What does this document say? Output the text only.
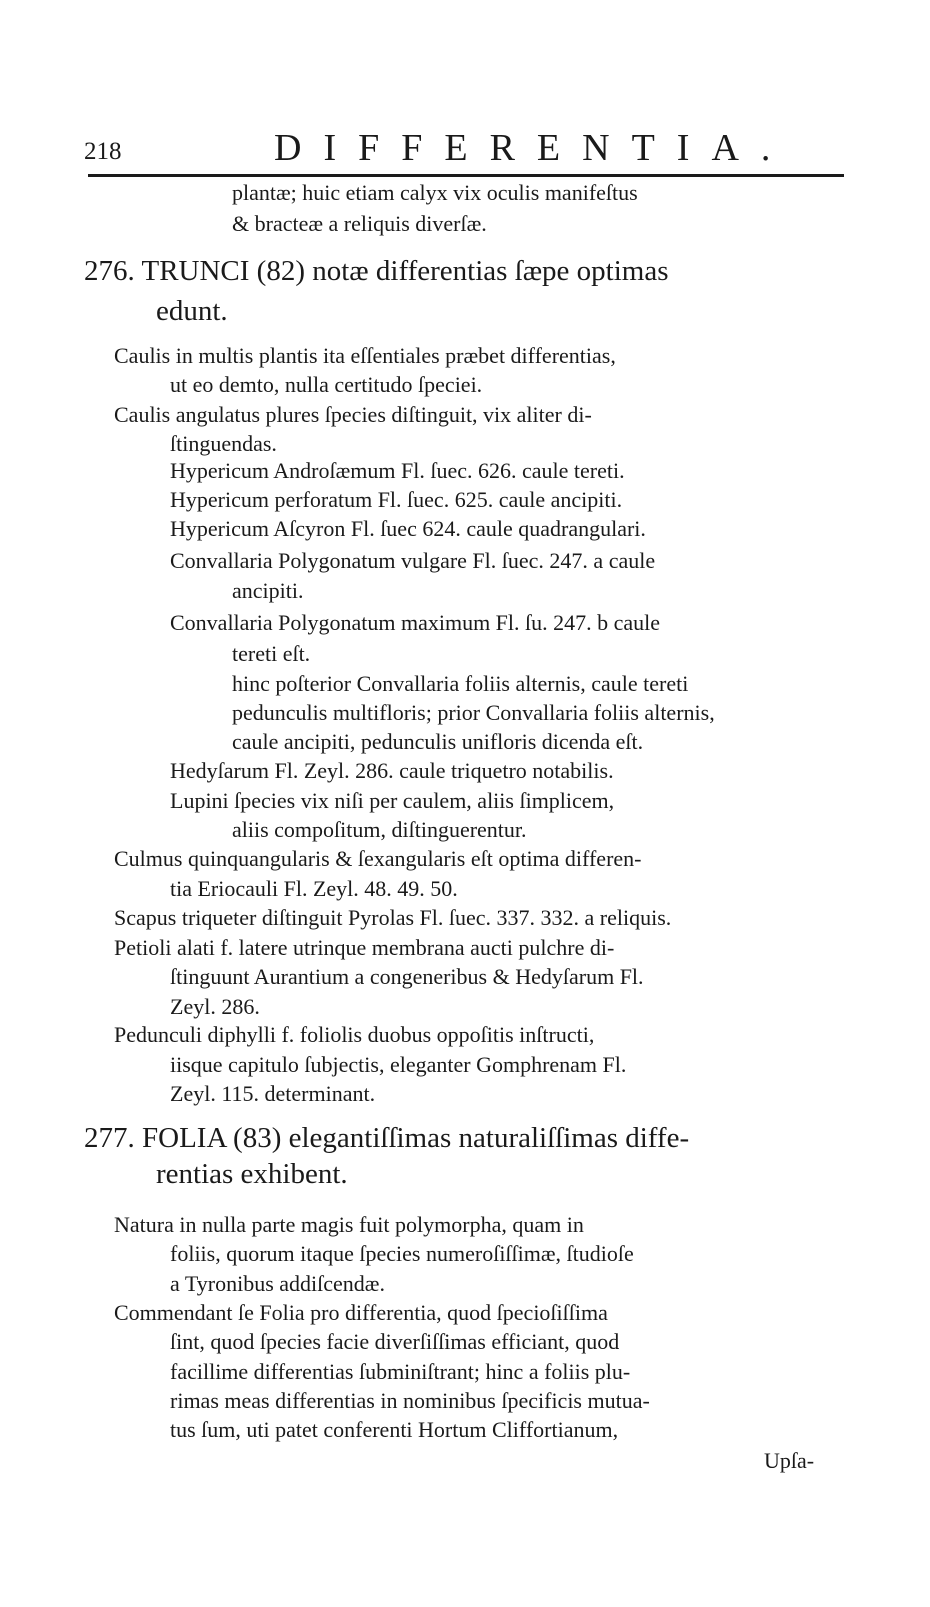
218	DIFFERENTIA.
plantæ; huic etiam calyx vix oculis manifeſtus
& bracteæ a reliquis diverſæ.
276. TRUNCI (82) notæ differentias ſæpe optimas
edunt.
Caulis in multis plantis ita eſſentiales præbet differentias,
ut eo demto, nulla certitudo ſpeciei.
Caulis angulatus plures ſpecies diſtinguit, vix aliter di-
ſtinguendas.
Hypericum Androſæmum Fl. ſuec. 626. caule tereti.
Hypericum perforatum Fl. ſuec. 625. caule ancipiti.
Hypericum Aſcyron Fl. ſuec 624. caule quadrangulari.
Convallaria Polygonatum vulgare Fl. ſuec. 247. a caule
ancipiti.
Convallaria Polygonatum maximum Fl. ſu. 247. b caule
tereti eſt.
hinc poſterior Convallaria foliis alternis, caule tereti
pedunculis multifloris; prior Convallaria foliis alternis,
caule ancipiti, pedunculis unifloris dicenda eſt.
Hedyſarum Fl. Zeyl. 286. caule triquetro notabilis.
Lupini ſpecies vix niſi per caulem, aliis ſimplicem,
aliis compoſitum, diſtinguerentur.
Culmus quinquangularis & ſexangularis eſt optima differen-
tia Eriocauli Fl. Zeyl. 48. 49. 50.
Scapus triqueter diſtinguit Pyrolas Fl. ſuec. 337. 332. a reliquis.
Petioli alati f. latere utrinque membrana aucti pulchre di-
ſtinguunt Aurantium a congeneribus & Hedyſarum Fl.
Zeyl. 286.
Pedunculi diphylli f. foliolis duobus oppoſitis inſtructi,
iisque capitulo ſubjectis, eleganter Gomphrenam Fl.
Zeyl. 115. determinant.
277. FOLIA (83) elegantiſſimas naturaliſſimas diffe-
rentias exhibent.
Natura in nulla parte magis fuit polymorpha, quam in
foliis, quorum itaque ſpecies numeroſiſſimæ, ſtudioſe
a Tyronibus addiſcendæ.
Commendant ſe Folia pro differentia, quod ſpecioſiſſima
ſint, quod ſpecies facie diverſiſſimas efficiant, quod
facillime differentias ſubminiſtrant; hinc a foliis plu-
rimas meas differentias in nominibus ſpecificis mutua-
tus ſum, uti patet conferenti Hortum Cliffortianum,
Upſa-
